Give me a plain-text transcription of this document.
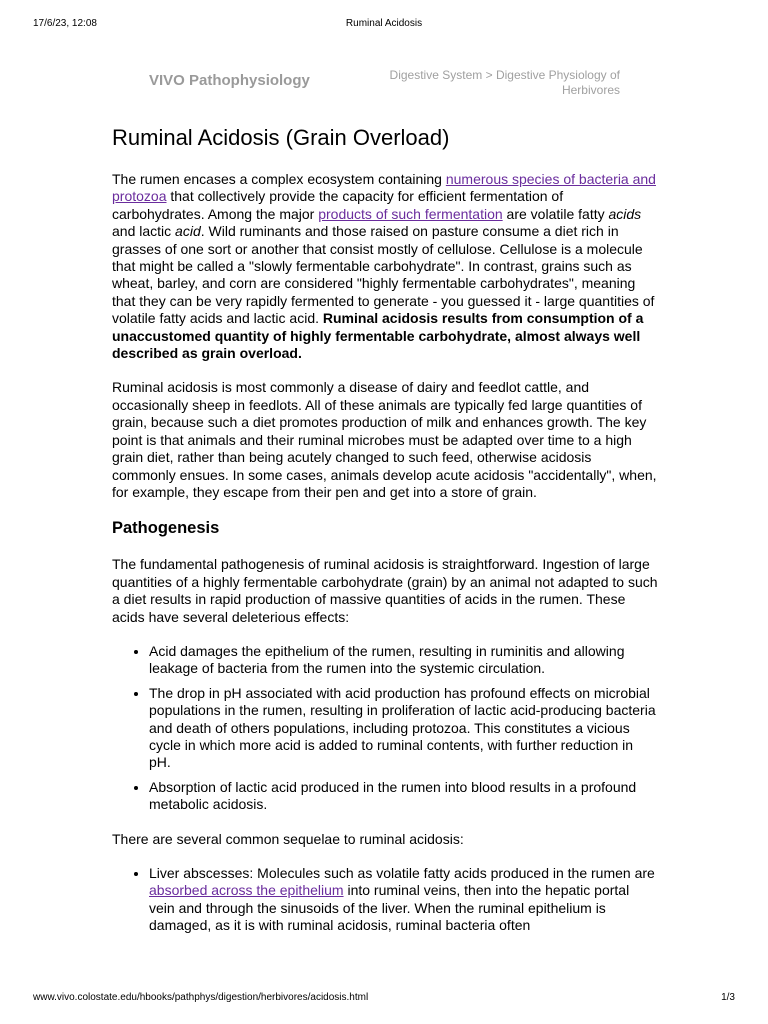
17/6/23, 12:08	Ruminal Acidosis
VIVO Pathophysiology	Digestive System > Digestive Physiology of Herbivores
Ruminal Acidosis (Grain Overload)

The rumen encases a complex ecosystem containing numerous species of bacteria and protozoa that collectively provide the capacity for efficient fermentation of carbohydrates. Among the major products of such fermentation are volatile fatty acids and lactic acid. Wild ruminants and those raised on pasture consume a diet rich in grasses of one sort or another that consist mostly of cellulose. Cellulose is a molecule that might be called a "slowly fermentable carbohydrate". In contrast, grains such as wheat, barley, and corn are considered "highly fermentable carbohydrates", meaning that they can be very rapidly fermented to generate - you guessed it - large quantities of volatile fatty acids and lactic acid. Ruminal acidosis results from consumption of a unaccustomed quantity of highly fermentable carbohydrate, almost always well described as grain overload.

Ruminal acidosis is most commonly a disease of dairy and feedlot cattle, and occasionally sheep in feedlots. All of these animals are typically fed large quantities of grain, because such a diet promotes production of milk and enhances growth. The key point is that animals and their ruminal microbes must be adapted over time to a high grain diet, rather than being acutely changed to such feed, otherwise acidosis commonly ensues. In some cases, animals develop acute acidosis "accidentally", when, for example, they escape from their pen and get into a store of grain.

Pathogenesis

The fundamental pathogenesis of ruminal acidosis is straightforward. Ingestion of large quantities of a highly fermentable carbohydrate (grain) by an animal not adapted to such a diet results in rapid production of massive quantities of acids in the rumen. These acids have several deleterious effects:

• Acid damages the epithelium of the rumen, resulting in ruminitis and allowing leakage of bacteria from the rumen into the systemic circulation.
• The drop in pH associated with acid production has profound effects on microbial populations in the rumen, resulting in proliferation of lactic acid-producing bacteria and death of others populations, including protozoa. This constitutes a vicious cycle in which more acid is added to ruminal contents, with further reduction in pH.
• Absorption of lactic acid produced in the rumen into blood results in a profound metabolic acidosis.

There are several common sequelae to ruminal acidosis:

• Liver abscesses: Molecules such as volatile fatty acids produced in the rumen are absorbed across the epithelium into ruminal veins, then into the hepatic portal vein and through the sinusoids of the liver. When the ruminal epithelium is damaged, as it is with ruminal acidosis, ruminal bacteria often
www.vivo.colostate.edu/hbooks/pathphys/digestion/herbivores/acidosis.html	1/3
